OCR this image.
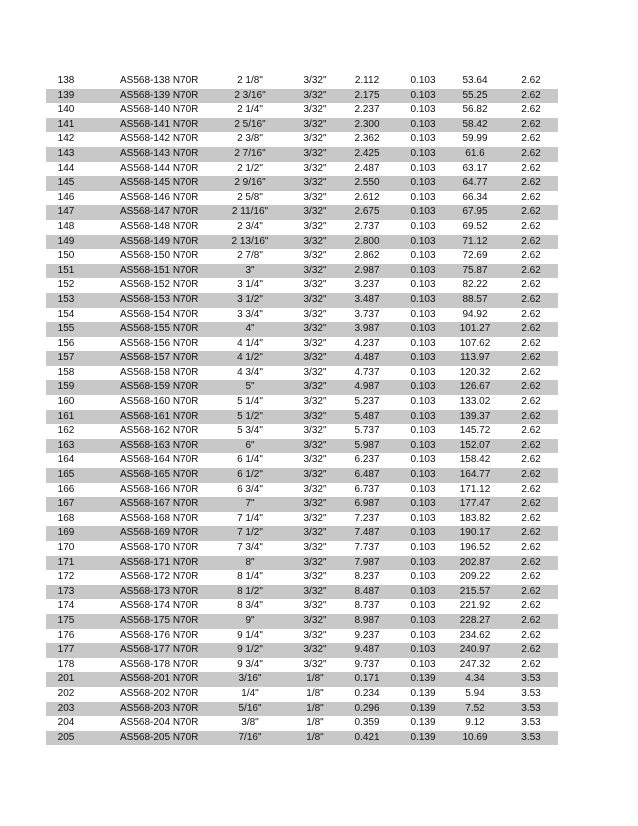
138	AS568-138 N70R	2 1/8"	3/32"	2.112	0.103	53.64	2.62
139	AS568-139 N70R	2 3/16"	3/32"	2.175	0.103	55.25	2.62
140	AS568-140 N70R	2 1/4"	3/32"	2.237	0.103	56.82	2.62
141	AS568-141 N70R	2 5/16"	3/32"	2.300	0.103	58.42	2.62
142	AS568-142 N70R	2 3/8"	3/32"	2.362	0.103	59.99	2.62
143	AS568-143 N70R	2 7/16"	3/32"	2.425	0.103	61.6	2.62
144	AS568-144 N70R	2 1/2"	3/32"	2.487	0.103	63.17	2.62
145	AS568-145 N70R	2 9/16"	3/32"	2.550	0.103	64.77	2.62
146	AS568-146 N70R	2 5/8"	3/32"	2.612	0.103	66.34	2.62
147	AS568-147 N70R	2 11/16"	3/32"	2.675	0.103	67.95	2.62
148	AS568-148 N70R	2 3/4"	3/32"	2.737	0.103	69.52	2.62
149	AS568-149 N70R	2 13/16"	3/32"	2.800	0.103	71.12	2.62
150	AS568-150 N70R	2 7/8"	3/32"	2.862	0.103	72.69	2.62
151	AS568-151 N70R	3"	3/32"	2.987	0.103	75.87	2.62
152	AS568-152 N70R	3 1/4"	3/32"	3.237	0.103	82.22	2.62
153	AS568-153 N70R	3 1/2"	3/32"	3.487	0.103	88.57	2.62
154	AS568-154 N70R	3 3/4"	3/32"	3.737	0.103	94.92	2.62
155	AS568-155 N70R	4"	3/32"	3.987	0.103	101.27	2.62
156	AS568-156 N70R	4 1/4"	3/32"	4.237	0.103	107.62	2.62
157	AS568-157 N70R	4 1/2"	3/32"	4.487	0.103	113.97	2.62
158	AS568-158 N70R	4 3/4"	3/32"	4.737	0.103	120.32	2.62
159	AS568-159 N70R	5"	3/32"	4.987	0.103	126.67	2.62
160	AS568-160 N70R	5 1/4"	3/32"	5.237	0.103	133.02	2.62
161	AS568-161 N70R	5 1/2"	3/32"	5.487	0.103	139.37	2.62
162	AS568-162 N70R	5 3/4"	3/32"	5.737	0.103	145.72	2.62
163	AS568-163 N70R	6"	3/32"	5.987	0.103	152.07	2.62
164	AS568-164 N70R	6 1/4"	3/32"	6.237	0.103	158.42	2.62
165	AS568-165 N70R	6 1/2"	3/32"	6.487	0.103	164.77	2.62
166	AS568-166 N70R	6 3/4"	3/32"	6.737	0.103	171.12	2.62
167	AS568-167 N70R	7"	3/32"	6.987	0.103	177.47	2.62
168	AS568-168 N70R	7 1/4"	3/32"	7.237	0.103	183.82	2.62
169	AS568-169 N70R	7 1/2"	3/32"	7.487	0.103	190.17	2.62
170	AS568-170 N70R	7 3/4"	3/32"	7.737	0.103	196.52	2.62
171	AS568-171 N70R	8"	3/32"	7.987	0.103	202.87	2.62
172	AS568-172 N70R	8 1/4"	3/32"	8.237	0.103	209.22	2.62
173	AS568-173 N70R	8 1/2"	3/32"	8.487	0.103	215.57	2.62
174	AS568-174 N70R	8 3/4"	3/32"	8.737	0.103	221.92	2.62
175	AS568-175 N70R	9"	3/32"	8.987	0.103	228.27	2.62
176	AS568-176 N70R	9 1/4"	3/32"	9.237	0.103	234.62	2.62
177	AS568-177 N70R	9 1/2"	3/32"	9.487	0.103	240.97	2.62
178	AS568-178 N70R	9 3/4"	3/32"	9.737	0.103	247.32	2.62
201	AS568-201 N70R	3/16"	1/8"	0.171	0.139	4.34	3.53
202	AS568-202 N70R	1/4"	1/8"	0.234	0.139	5.94	3.53
203	AS568-203 N70R	5/16"	1/8"	0.296	0.139	7.52	3.53
204	AS568-204 N70R	3/8"	1/8"	0.359	0.139	9.12	3.53
205	AS568-205 N70R	7/16"	1/8"	0.421	0.139	10.69	3.53
